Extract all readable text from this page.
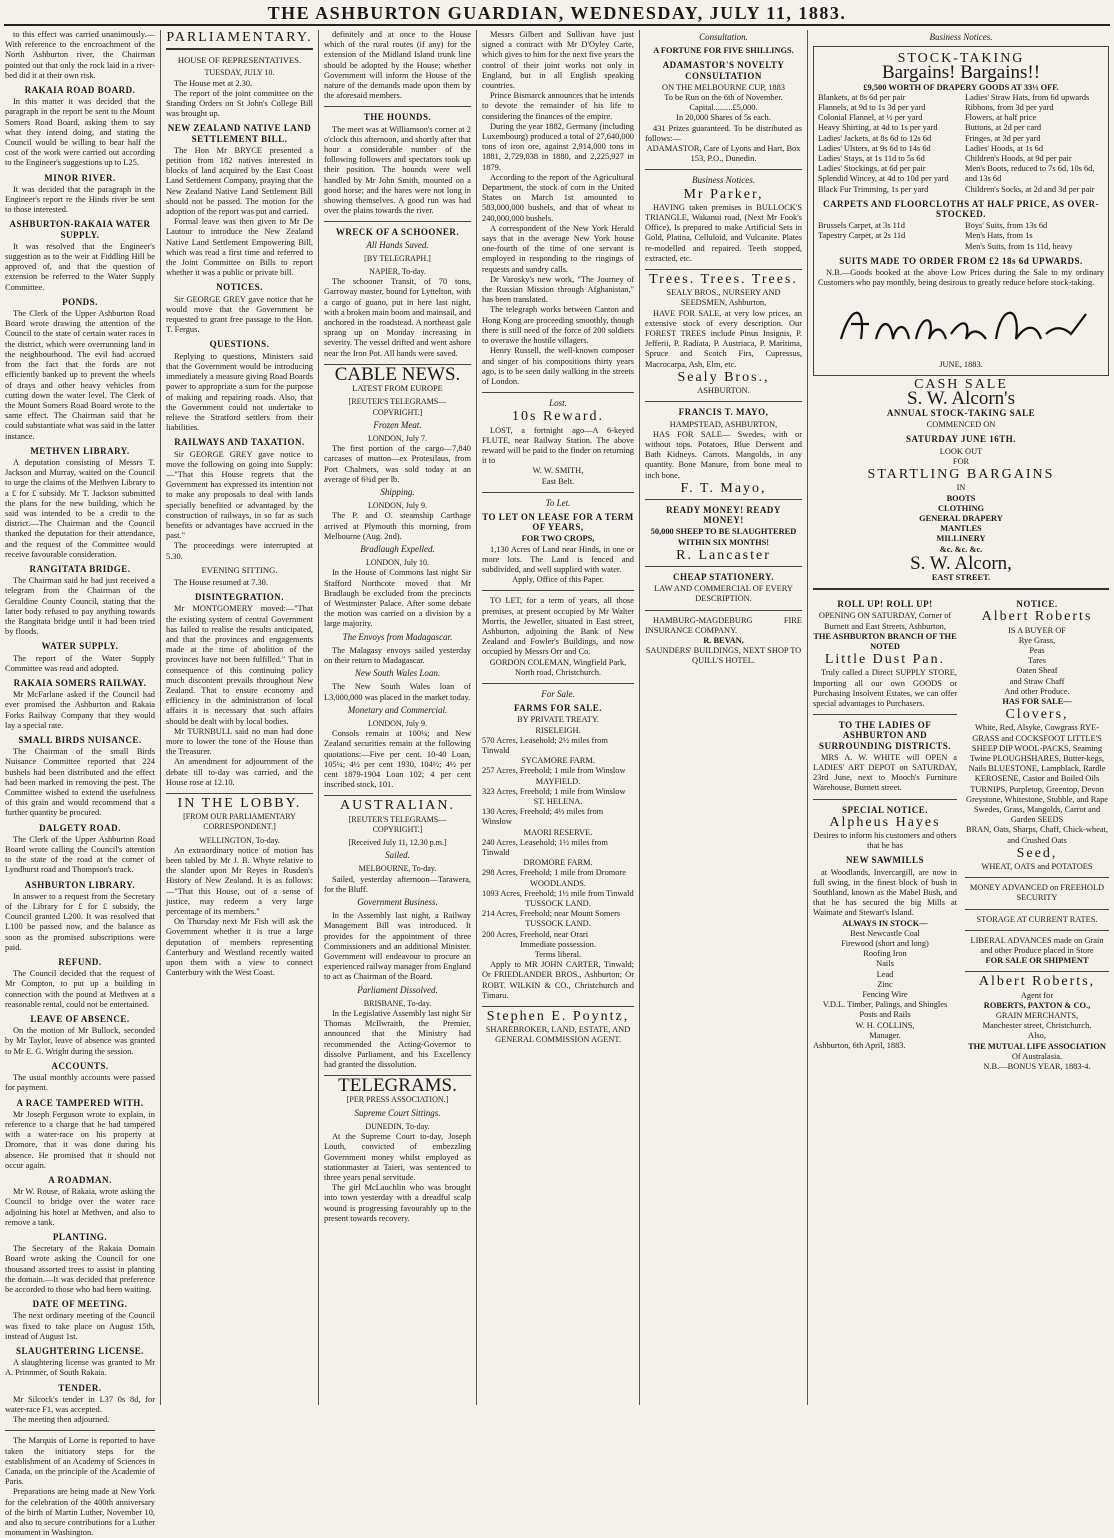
THE ASHBURTON GUARDIAN, WEDNESDAY, JULY 11, 1883.
to this effect was carried unanimously.—With reference to the encroachment of the North Ashburton river, the Chairman pointed out that only the rock laid in a river-bed did it at their own risk.
RAKAIA ROAD BOARD.
In this matter it was decided that the paragraph in the report be sent to the Mount Somers Road Board, asking them to say what they intend doing, and stating the Council would be willing to bear half the cost of the work were carried out according to the Engineer's suggestions up to L25.
MINOR RIVER.
It was decided that the paragraph in the Engineer's report re the Hinds river be sent to those interested.
ASHBURTON-RAKAIA WATER SUPPLY.
It was resolved that the Engineer's suggestion as to the weir at Fiddling Hill be approved of, and that the question of extension be referred to the Water Supply Committee.
PONDS.
The Clerk of the Upper Ashburton Road Board wrote drawing the attention of the Council to the state of certain water races in the district, which were overrunning land in the neighbourhood. The evil had accrued from the fact that the fords are not efficiently banked up to prevent the wheels of drays and other heavy vehicles from cutting down the water level. The Clerk of the Mount Somers Road Board wrote to the same effect. The Chairman said that he could substantiate what was said in the latter instance.
METHVEN LIBRARY.
A deputation consisting of Messrs T. Jackson and Murray, waited on the Council to urge the claims of the Methven Library to a £ for £ subsidy. Mr T. Jackson submitted the plans for the new building, which he said was intended to be a credit to the district.—The Chairman and the Council thanked the deputation for their attendance, and the request of the Committee would receive favourable consideration.
RANGITATA BRIDGE.
The Chairman said he had just received a telegram from the Chairman of the Geraldine County Council, stating that the latter body refused to pay anything towards the Rangitata bridge until it had been tried by floods.
WATER SUPPLY.
The report of the Water Supply Committee was read and adopted.
RAKAIA SOMERS RAILWAY.
Mr McFarlane asked if the Council had ever promised the Ashburton and Rakaia Forks Railway Company that they would lay a special rate.
SMALL BIRDS NUISANCE.
The Chairman of the small Birds Nuisance Committee reported that 224 bushels had been distributed and the effect had been marked in removing the pest. The Committee wished to extend the usefulness of this grain and would recommend that a further quantity be procured.
DALGETY ROAD.
The Clerk of the Upper Ashburton Road Board wrote calling the Council's attention to the state of the road at the corner of Lyndhurst road and Thompson's track.
ASHBURTON LIBRARY.
In answer to a request from the Secretary of the Library for £ for £ subsidy, the Council granted L200. It was resolved that L100 be passed now, and the balance as soon as the promised subscriptions were paid.
REFUND.
The Council decided that the request of Mr Compton, to put up a building in connection with the pound at Methven at a reasonable rental, could not be entertained.
LEAVE OF ABSENCE.
On the motion of Mr Bullock, seconded by Mr Taylor, leave of absence was granted to Mr E. G. Wright during the session.
ACCOUNTS.
The usual monthly accounts were passed for payment.
A RACE TAMPERED WITH.
Mr Joseph Ferguson wrote to explain, in reference to a charge that he had tampered with a water-race on his property at Dromore, that it was done during his absence. He promised that it should not occur again.
A ROADMAN.
Mr W. Rouse, of Rakaia, wrote asking the Council to bridge over the water race adjoining his hotel at Methven, and also to remove a tank.
PLANTING.
The Secretary of the Rakaia Domain Board wrote asking the Council for one thousand assorted trees to assist in planting the domain.—It was decided that preference be accorded to those who had been waiting.
DATE OF MEETING.
The next ordinary meeting of the Council was fixed to take place on August 15th, instead of August 1st.
SLAUGHTERING LICENSE.
A slaughtering license was granted to Mr A. Prinnmer, of South Rakaia.
TENDER.
Mr Silcock's tender in L37 0s 8d, for water-race F1, was accepted.
The meeting then adjourned.
The Marquis of Lorne is reported to have taken the initiatory steps for the establishment of an Academy of Sciences in Canada, on the principle of the Academie of Paris.
Preparations are being made at New York for the celebration of the 400th anniversary of the birth of Martin Luther, November 10, and also to secure contributions for a Luther monument in Washington.
PARLIAMENTARY.
HOUSE OF REPRESENTATIVES.
TUESDAY, JULY 10.
The House met at 2.30.
The report of the joint committee on the Standing Orders on St John's College Bill was brought up.
NEW ZEALAND NATIVE LAND SETTLEMENT BILL.
The Hon Mr BRYCE presented a petition from 182 natives interested in blocks of land acquired by the East Coast Land Settlement Company, praying that the New Zealand Native Land Settlement Bill should not be passed. The motion for the adoption of the report was put and carried.
Formal leave was then given to Mr De Lautour to introduce the New Zealand Native Land Settlement Empowering Bill, which was read a first time and referred to the Joint Committee on Bills to report whether it was a public or private bill.
NOTICES.
Sir GEORGE GREY gave notice that he would move that the Government be requested to grant free passage to the Hon. T. Fergus.
QUESTIONS.
Replying to questions, Ministers said that the Government would be introducing immediately a measure giving Road Boards power to appropriate a sum for the purpose of making and repairing roads. Also, that the Government could not undertake to relieve the Stratford settlers from their liabilities.
RAILWAYS AND TAXATION.
Sir GEORGE GREY gave notice to move the following on going into Supply:—"That this House regrets that the Government has expressed its intention not to make any proposals to deal with lands specially benefited or advantaged by the construction of railways, in so far as such benefits or advantages have accrued in the past."
The proceedings were interrupted at 5.30.
EVENING SITTING.
The House resumed at 7.30.
DISINTEGRATION.
Mr MONTGOMERY moved:—"That the existing system of central Government has failed to realise the results anticipated, and that the provinces and engagements made at the time of abolition of the provinces have not been fulfilled." That in consequence of this continuing policy much discontent prevails throughout New Zealand. That to ensure economy and efficiency in the administration of local affairs it is necessary that such affairs should be dealt with by local bodies.
Mr TURNBULL said no man had done more to lower the tone of the House than the Treasurer.
An amendment for adjournment of the debate till to-day was carried, and the House rose at 12.10.
IN THE LOBBY.
[FROM OUR PARLIAMENTARY CORRESPONDENT.]
WELLINGTON, To-day.
An extraordinary notice of motion has been tabled by Mr J. B. Whyte relative to the slander upon Mr Reyes in Rusden's History of New Zealand. It is as follows:—"That this House, out of a sense of justice, may redeem a very large percentage of its members."
On Thursday next Mr Fish will ask the Government whether it is true a large deputation of members representing Canterbury and Westland recently waited upon them with a view to connect Canterbury with the West Coast.
definitely and at once to the House which of the rural routes (if any) for the extension of the Midland Island trunk line should be adopted by the House; whether Government will inform the House of the nature of the demands made upon them by the aforesaid members.
THE HOUNDS.
The meet was at Williamson's corner at 2 o'clock this afternoon, and shortly after that hour a considerable number of the following followers and spectators took up their position. The hounds were well handled by Mr John Smith, mounted on a good horse; and the hares were not long in showing themselves. A good run was had over the plains towards the river.
WRECK OF A SCHOONER.
All Hands Saved.
[BY TELEGRAPH.]
NAPIER, To-day.
The schooner Transit, of 70 tons, Garroway master, bound for Lyttelton, with a cargo of guano, put in here last night, with a broken main boom and mainsail, and anchored in the roadstead. A northeast gale sprang up on Monday increasing in severity. The vessel drifted and went ashore near the Iron Pot. All hands were saved.
CABLE NEWS.
LATEST FROM EUROPE
[REUTER'S TELEGRAMS—COPYRIGHT.]
Frozen Meat.
LONDON, July 7.
The first portion of the cargo—7,840 carcases of mutton—ex Protesilaus, from Port Chalmers, was sold today at an average of 6¾d per lb.
Shipping.
LONDON, July 9.
The P. and O. steamship Carthage arrived at Plymouth this morning, from Melbourne (Aug. 2nd).
Bradlaugh Expelled.
LONDON, July 10.
In the House of Commons last night Sir Stafford Northcote moved that Mr Bradlaugh be excluded from the precincts of Westminster Palace. After some debate the motion was carried on a division by a large majority.
The Envoys from Madagascar.
The Malagasy envoys sailed yesterday on their return to Madagascar.
New South Wales Loan.
The New South Wales loan of L3,000,000 was placed in the market today.
Monetary and Commercial.
LONDON, July 9.
Consols remain at 100¼; and New Zealand securities remain at the following quotations:—Five per cent. 10-40 Loan, 105¼; 4½ per cent 1930, 104½; 4½ per cent 1879-1904 Loan 102; 4 per cent inscribed stock, 101.
AUSTRALIAN.
[REUTER'S TELEGRAMS—COPYRIGHT.]
[Received July 11, 12.30 p.m.]
Sailed.
MELBOURNE, To-day.
Sailed, yesterday afternoon—Tarawera, for the Bluff.
Government Business.
In the Assembly last night, a Railway Management Bill was introduced. It provides for the appointment of three Commissioners and an additional Minister. Government will endeavour to procure an experienced railway manager from England to act as Chairman of the Board.
Parliament Dissolved.
BRISBANE, To-day.
In the Legislative Assembly last night Sir Thomas McIlwraith, the Premier, announced that the Ministry had recommended the Acting-Governor to dissolve Parliament, and his Excellency had granted the dissolution.
TELEGRAMS.
[PER PRESS ASSOCIATION.]
Supreme Court Sittings.
DUNEDIN, To-day.
At the Supreme Court to-day, Joseph Louth, convicted of embezzling Government money whilst employed as stationmaster at Taieri, was sentenced to three years penal servitude.
The girl McLauchlin who was brought into town yesterday with a dreadful scalp wound is progressing favourably up to the present towards recovery.
Messrs Gilbert and Sullivan have just signed a contract with Mr D'Oyley Carte, which gives to him for the next five years the control of their joint works not only in England, but in all English speaking countries.
Prince Bismarck announces that he intends to devote the remainder of his life to considering the finances of the empire.
During the year 1882, Germany (including Luxembourg) produced a total of 27,640,000 tons of iron ore, against 2,914,000 tons in 1881, 2,729,038 in 1880, and 2,225,927 in 1879.
According to the report of the Agricultural Department, the stock of corn in the United States on March 1st amounted to 583,000,000 bushels, and that of wheat to 240,000,000 bushels.
A correspondent of the New York Herald says that in the average New York house one-fourth of the time of one servant is employed in responding to the ringings of requests and sundry calls.
Dr Varosky's new work, "The Journey of the Russian Mission through Afghanistan," has been translated.
The telegraph works between Canton and Hong Kong are proceeding smoothly, though there is still need of the force of 200 soldiers to overawe the hostile villagers.
Henry Russell, the well-known composer and singer of his compositions thirty years ago, is to be seen daily walking in the streets of London.
Lost.
10s Reward.
LOST, a fortnight ago—A 6-keyed FLUTE, near Railway Station. The above reward will be paid to the finder on returning it to
W. W. SMITH,
East Belt.
To Let.
TO LET ON LEASE FOR A TERM OF YEARS,
FOR TWO CROPS,
1,130 Acres of Land near Hinds, in one or more lots. The Land is fenced and subdivided, and well supplied with water.
Apply, Office of this Paper.
TO LET, for a term of years, all those premises, at present occupied by Mr Walter Morris, the Jeweller, situated in East street, Ashburton, adjoining the Bank of New Zealand and Fowler's Buildings, and now occupied by Messrs Orr and Co.
GORDON COLEMAN, Wingfield Park, North road, Christchurch.
For Sale.
FARMS FOR SALE.
BY PRIVATE TREATY.
RISELEIGH.
570 Acres, Leasehold; 2½ miles from Tinwald
SYCAMORE FARM.
257 Acres, Freehold; 1 mile from Winslow
MAYFIELD.
323 Acres, Freehold; 1 mile from Winslow
ST. HELENA.
130 Acres, Freehold; 4½ miles from Winslow
MAORI RESERVE.
240 Acres, Leasehold; 1½ miles from Tinwald
DROMORE FARM.
298 Acres, Freehold; 1 mile from Dromore
WOODLANDS.
1093 Acres, Freehold; 1½ mile from Tinwald
TUSSOCK LAND.
214 Acres, Freehold; near Mount Somers
TUSSOCK LAND.
200 Acres, Freehold, near Orari
Immediate possession.
Terms liberal.
Apply to MR JOHN CARTER, Tinwald; Or FRIEDLANDER BROS., Ashburton; Or ROBT. WILKIN & CO., Christchurch and Timaru.
Stephen E. Poyntz,
SHAREBROKER, LAND, ESTATE, AND GENERAL COMMISSION AGENT.
Consultation.
A FORTUNE FOR FIVE SHILLINGS.
ADAMASTOR'S NOVELTY CONSULTATION
ON THE MELBOURNE CUP, 1883
To be Run on the 6th of November.
Capital.........£5,000.
In 20,000 Shares of 5s each.
431 Prizes guaranteed. To be distributed as follows:—
ADAMASTOR, Care of Lyons and Hart, Box 153, P.O., Dunedin.
Business Notices.
Mr Parker,
HAVING taken premises in BULLOCK'S TRIANGLE, Wakanui road, (Next Mr Fook's Office), Is prepared to make Artificial Sets in Gold, Platina, Celluloid, and Vulcanite. Plates re-modelled and repaired. Teeth stopped, extracted, etc.
Trees. Trees. Trees.
SEALY BROS., NURSERY AND SEEDSMEN, Ashburton,
HAVE FOR SALE, at very low prices, an extensive stock of every description. Our FOREST TREES include Pinus Insignis, P. Jefferii, P. Radiata, P. Austriaca, P. Maritima, Spruce and Scotch Firs, Cupressus, Macrocarpa, Ash, Elm, etc.
Sealy Bros.,
ASHBURTON.
FRANCIS T. MAYO,
HAMPSTEAD, ASHBURTON,
HAS FOR SALE— Swedes, with or without tops. Potatoes, Blue Derwent and Bath Kidneys. Carrots. Mangolds, in any quantity. Bone Manure, from bone meal to inch bone.
F. T. Mayo,
READY MONEY! READY MONEY!
50,000 SHEEP TO BE SLAUGHTERED WITHIN SIX MONTHS!
R. Lancaster
CHEAP STATIONERY.
LAW AND COMMERCIAL OF EVERY DESCRIPTION.
HAMBURG-MAGDEBURG FIRE INSURANCE COMPANY.
R. BEVAN,
SAUNDERS' BUILDINGS, NEXT SHOP TO QUILL'S HOTEL.
Business Notices.
STOCK-TAKING
Bargains! Bargains!!
£9,500 WORTH OF DRAPERY GOODS AT 33⅓ OFF.
Blankets, at 8s 6d per pair
Flannels, at 9d to 1s 3d per yard
Colonial Flannel, at ½ per yard
Heavy Shirting, at 4d to 1s per yard
Ladies' Jackets, at 8s 6d to 12s 6d
Ladies' Ulsters, at 9s 6d to 14s 6d
Ladies' Stays, at 1s 11d to 5s 6d
Ladies' Stockings, at 6d per pair
Splendid Wincey, at 4d to 10d per yard
Black Fur Trimming, 1s per yard
Ladies' Straw Hats, from 6d upwards
Ribbons, from 3d per yard
Flowers, at half price
Buttons, at 2d per card
Fringes, at 3d per yard
Ladies' Hoods, at 1s 6d
Children's Hoods, at 9d per pair
Men's Boots, reduced to 7s 6d, 10s 6d, and 13s 6d
Children's Socks, at 2d and 3d per pair
CARPETS AND FLOORCLOTHS AT HALF PRICE, AS OVER-STOCKED.
Brussels Carpet, at 3s 11d
Tapestry Carpet, at 2s 11d
Boys' Suits, from 13s 6d
Men's Hats, from 1s
Men's Suits, from 1s 11d, heavy
SUITS MADE TO ORDER FROM £2 18s 6d UPWARDS.
N.B.—Goods booked at the above Low Prices during the Sale to my ordinary Customers who pay monthly, being desirous to greatly reduce before stock-taking.
JUNE, 1883.
CASH SALE
S. W. Alcorn's
ANNUAL STOCK-TAKING SALE
COMMENCED ON
SATURDAY JUNE 16TH.
LOOK OUT
FOR
STARTLING BARGAINS
IN
BOOTS
CLOTHING
GENERAL DRAPERY
MANTLES
MILLINERY
&c. &c. &c.
S. W. Alcorn,
EAST STREET.
ROLL UP! ROLL UP!
OPENING ON SATURDAY, Corner of Burnett and East Streets, Ashburton,
THE ASHBURTON BRANCH OF THE NOTED
Little Dust Pan.
Truly called a Direct SUPPLY STORE, Importing all our own GOODS or Purchasing Insolvent Estates, we can offer special advantages to Purchasers.
TO THE LADIES OF ASHBURTON AND SURROUNDING DISTRICTS.
MRS A. W. WHITE will OPEN a LADIES' ART DEPOT on SATURDAY, 23rd June, next to Mooch's Furniture Warehouse, Burnett street.
SPECIAL NOTICE.
Alpheus Hayes
Desires to inform his customers and others that he has
NEW SAWMILLS
at Woodlands, Invercargill, are now in full swing, in the finest block of bush in Southland, known as the Mabel Bush, and that he has secured the big Mills at Waimate and Stewart's Island.
ALWAYS IN STOCK—
Best Newcastle Coal
Firewood (short and long)
Roofing Iron
Nails
Lead
Zinc
Fencing Wire
V.D.L. Timber, Palings, and Shingles
Posts and Rails
W. H. COLLINS,
Manager.
Ashburton, 6th April, 1883.
NOTICE.
Albert Roberts
IS A BUYER OF
Rye Grass,
Peas
Tares
Oaten Sheaf
and Straw Chaff
And other Produce.
HAS FOR SALE—
Clovers,
White, Red, Alsyke, Cowgrass RYE-GRASS and COCKSFOOT LITTLE'S SHEEP DIP WOOL-PACKS, Seaming Twine PLOUGHSHARES, Butter-kegs, Nails BLUESTONE, Lampblack, Rardle KEROSENE, Castor and Boiled Oils
TURNIPS, Purpletop, Greentop, Devon Greystone, Whitestone, Stubble, and Rape
Swedes, Grass, Mangolds, Carrot and Garden SEEDS
BRAN, Oats, Sharps, Chaff, Chick-wheat, and Crushed Oats
Seed,
WHEAT, OATS and POTATOES
MONEY ADVANCED on FREEHOLD SECURITY
STORAGE AT CURRENT RATES.
LIBERAL ADVANCES made on Grain and other Produce placed in Store
FOR SALE OR SHIPMENT
Albert Roberts,
Agent for
ROBERTS, PAXTON & CO.,
GRAIN MERCHANTS,
Manchester street, Christchurch.
Also,
THE MUTUAL LIFE ASSOCIATION
Of Australasia.
N.B.—BONUS YEAR, 1883-4.
